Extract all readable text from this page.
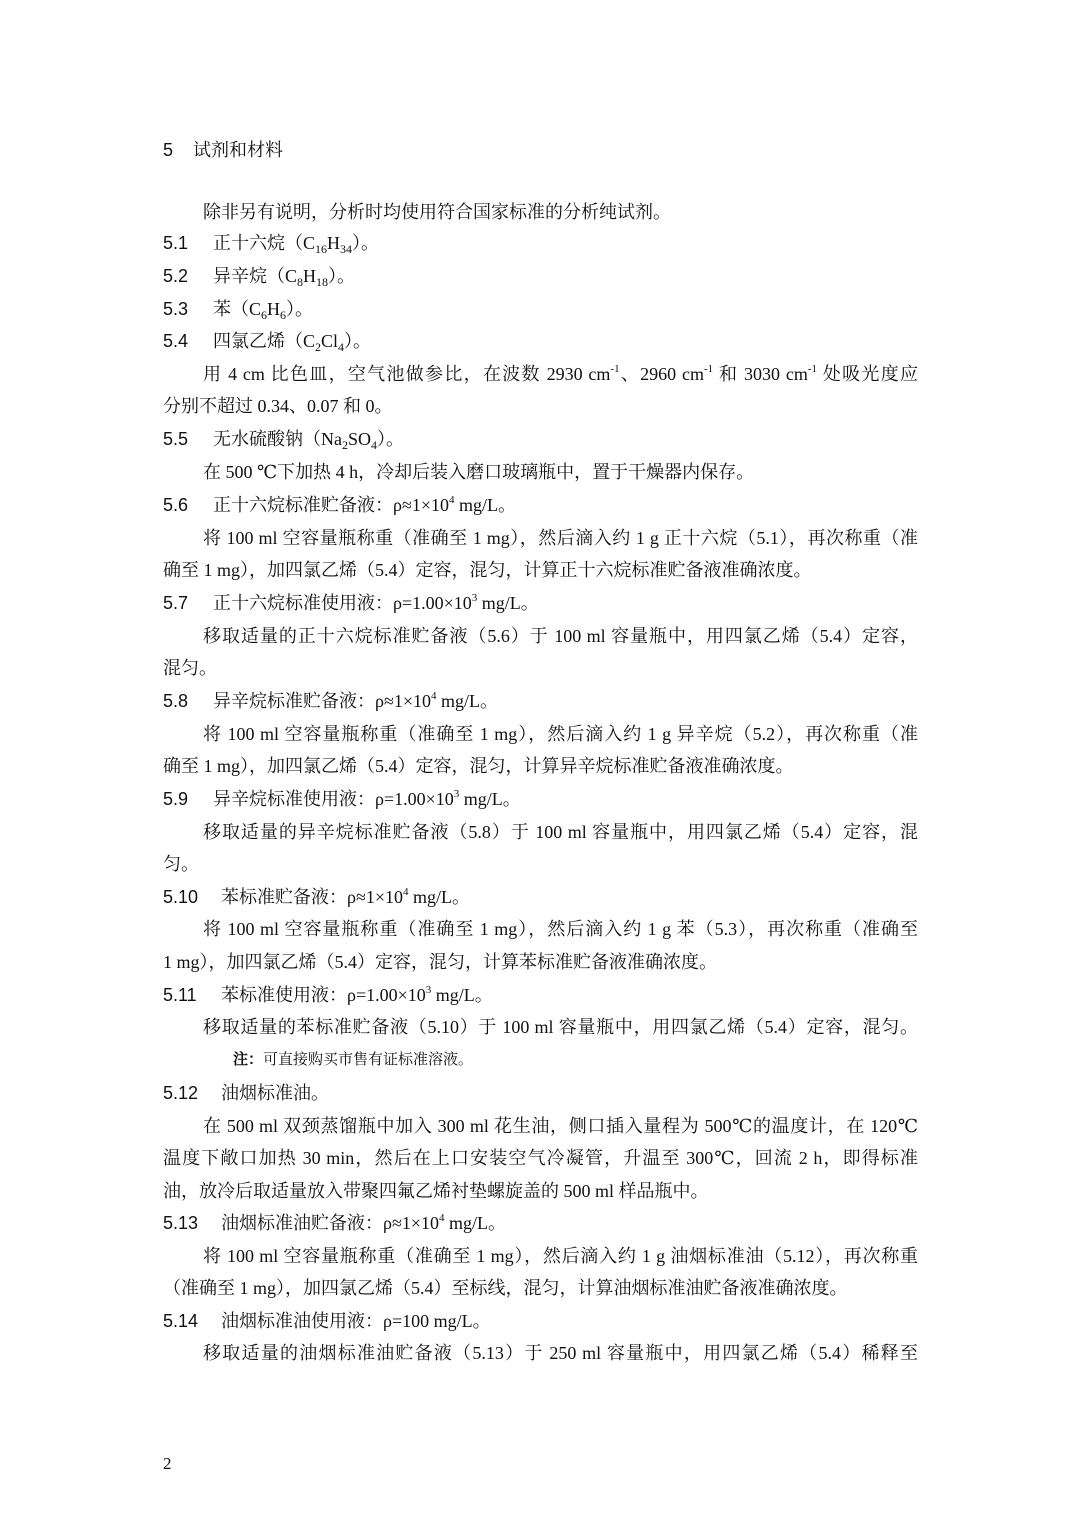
5 试剂和材料
除非另有说明，分析时均使用符合国家标准的分析纯试剂。
5.1 正十六烷$(C_{16}H_{34})$。
5.2 异辛烷$(C_8H_{18})$。
5.3 苯$(C_6H_6)$。
5.4 四氯乙烯$(C_2Cl_4)$。
用 4 cm 比色皿，空气池做参比，在波数 2930 $cm^{-1}$、2960 $cm^{-1}$ 和 3030 $cm^{-1}$ 处吸光度应
分别不超过 0.34、0.07 和 0。
5.5 无水硫酸钠$(Na_2SO_4)$。
在 500 ℃下加热 4 h，冷却后装入磨口玻璃瓶中，置于干燥器内保存。
5.6 正十六烷标准贮备液：$\rho\approx 1\times 10^4$ mg/L。
将 100 ml 空容量瓶称重（准确至 1 mg），然后滴入约 1 g 正十六烷（5.1），再次称重（准
确至 1 mg），加四氯乙烯（5.4）定容，混匀，计算正十六烷标准贮备液准确浓度。
5.7 正十六烷标准使用液：$\rho=1.00\times 10^3$ mg/L。
移取适量的正十六烷标准贮备液（5.6）于 100 ml 容量瓶中，用四氯乙烯（5.4）定容，
混匀。
5.8 异辛烷标准贮备液：$\rho\approx 1\times 10^4$ mg/L。
将 100 ml 空容量瓶称重（准确至 1 mg），然后滴入约 1 g 异辛烷（5.2），再次称重（准
确至 1 mg），加四氯乙烯（5.4）定容，混匀，计算异辛烷标准贮备液准确浓度。
5.9 异辛烷标准使用液：$\rho=1.00\times 10^3$ mg/L。
移取适量的异辛烷标准贮备液（5.8）于 100 ml 容量瓶中，用四氯乙烯（5.4）定容，混
匀。
5.10 苯标准贮备液：$\rho\approx 1\times 10^4$ mg/L。
将 100 ml 空容量瓶称重（准确至 1 mg），然后滴入约 1 g 苯（5.3），再次称重（准确至
1 mg），加四氯乙烯（5.4）定容，混匀，计算苯标准贮备液准确浓度。
5.11 苯标准使用液：$\rho=1.00\times 10^3$ mg/L。
移取适量的苯标准贮备液（5.10）于 100 ml 容量瓶中，用四氯乙烯（5.4）定容，混匀。
注：可直接购买市售有证标准溶液。
5.12 油烟标准油。
在 500 ml 双颈蒸馏瓶中加入 300 ml 花生油，侧口插入量程为 500℃的温度计，在 120℃
温度下敞口加热 30 min，然后在上口安装空气冷凝管，升温至 300℃，回流 2 h，即得标准
油，放冷后取适量放入带聚四氟乙烯衬垫螺旋盖的 500 ml 样品瓶中。
5.13 油烟标准油贮备液：$\rho\approx 1\times 10^4$ mg/L。
将 100 ml 空容量瓶称重（准确至 1 mg），然后滴入约 1 g 油烟标准油（5.12），再次称重
（准确至 1 mg），加四氯乙烯（5.4）至标线，混匀，计算油烟标准油贮备液准确浓度。
5.14 油烟标准油使用液：ρ=100 mg/L。
移取适量的油烟标准油贮备液（5.13）于 250 ml 容量瓶中，用四氯乙烯（5.4）稀释至
2
